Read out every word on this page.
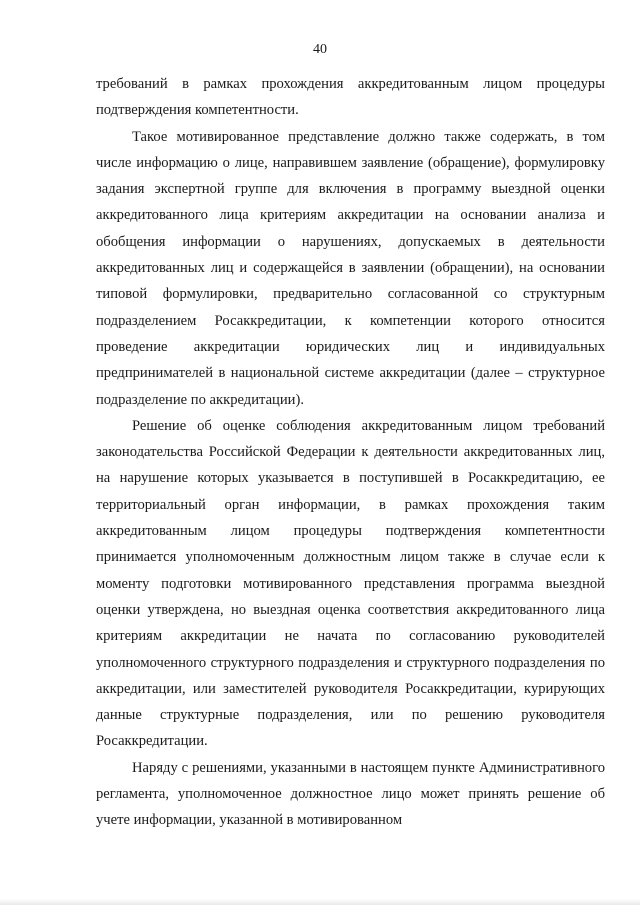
40

требований в рамках прохождения аккредитованным лицом процедуры подтверждения компетентности.

Такое мотивированное представление должно также содержать, в том числе информацию о лице, направившем заявление (обращение), формулировку задания экспертной группе для включения в программу выездной оценки аккредитованного лица критериям аккредитации на основании анализа и обобщения информации о нарушениях, допускаемых в деятельности аккредитованных лиц и содержащейся в заявлении (обращении), на основании типовой формулировки, предварительно согласованной со структурным подразделением Росаккредитации, к компетенции которого относится проведение аккредитации юридических лиц и индивидуальных предпринимателей в национальной системе аккредитации (далее – структурное подразделение по аккредитации).

Решение об оценке соблюдения аккредитованным лицом требований законодательства Российской Федерации к деятельности аккредитованных лиц, на нарушение которых указывается в поступившей в Росаккредитацию, ее территориальный орган информации, в рамках прохождения таким аккредитованным лицом процедуры подтверждения компетентности принимается уполномоченным должностным лицом также в случае если к моменту подготовки мотивированного представления программа выездной оценки утверждена, но выездная оценка соответствия аккредитованного лица критериям аккредитации не начата по согласованию руководителей уполномоченного структурного подразделения и структурного подразделения по аккредитации, или заместителей руководителя Росаккредитации, курирующих данные структурные подразделения, или по решению руководителя Росаккредитации.

Наряду с решениями, указанными в настоящем пункте Административного регламента, уполномоченное должностное лицо может принять решение об учете информации, указанной в мотивированном
